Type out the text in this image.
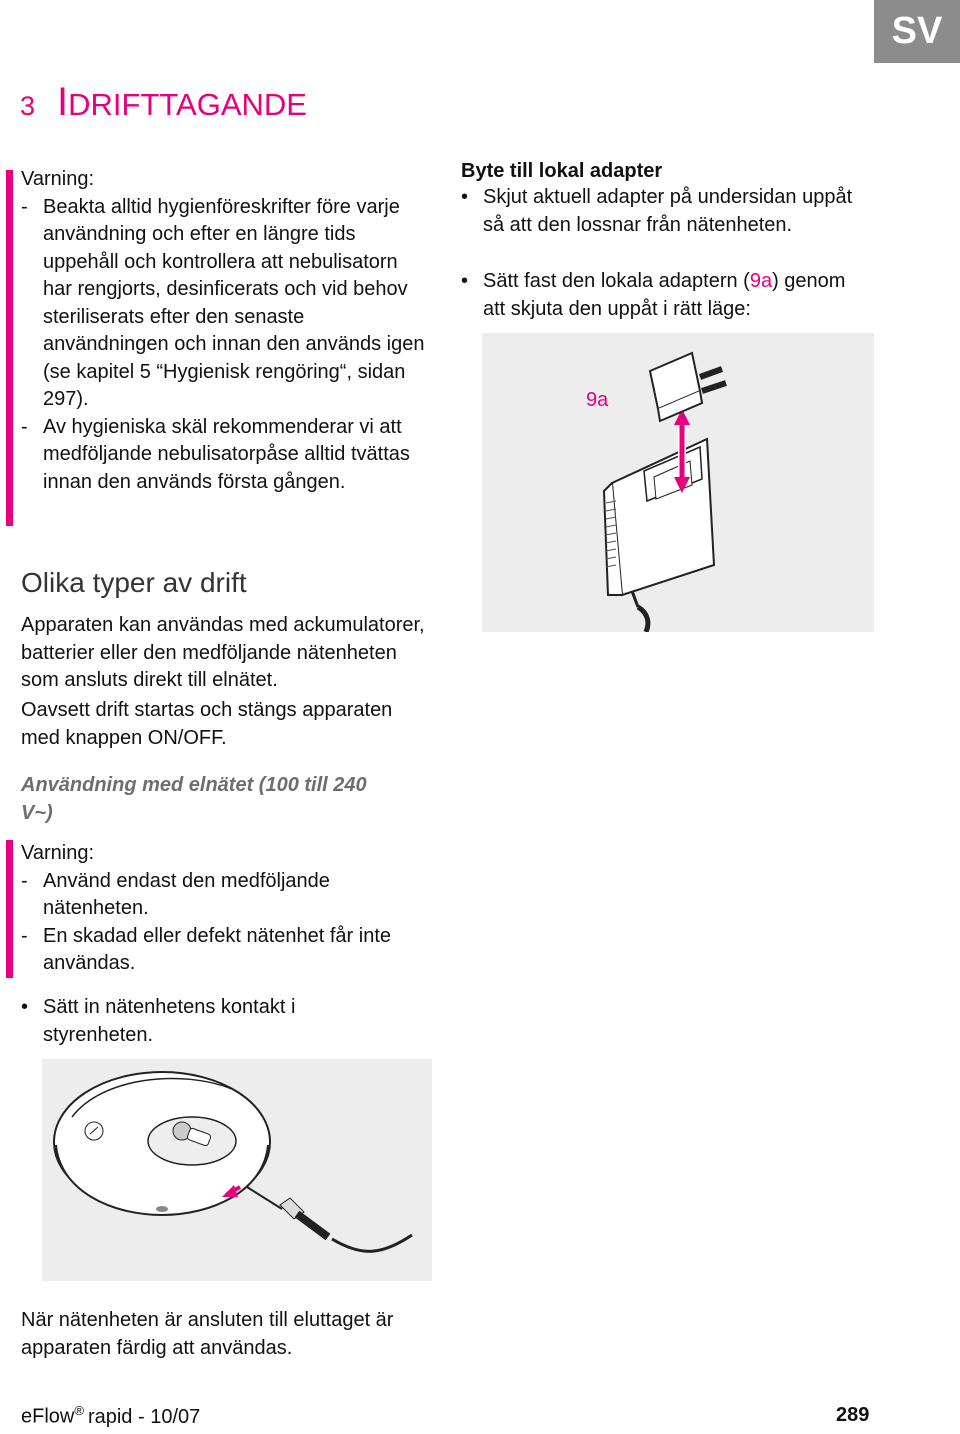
SV
3 IDRIFTTAGANDE
Varning:
- Beakta alltid hygienföreskrifter före varje användning och efter en längre tids uppehåll och kontrollera att nebulisatorn har rengjorts, desinficerats och vid behov steriliserats efter den senaste användningen och innan den används igen (se kapitel 5 “Hygienisk rengöring“, sidan 297).
- Av hygieniska skäl rekommenderar vi att medföljande nebulisatorpåse alltid tvättas innan den används första gången.
Olika typer av drift
Apparaten kan användas med ackumulatorer, batterier eller den medföljande nätenheten som ansluts direkt till elnätet.
Oavsett drift startas och stängs apparaten med knappen ON/OFF.
Användning med elnätet (100 till 240 V~)
Varning:
- Använd endast den medföljande nätenheten.
- En skadad eller defekt nätenhet får inte användas.
• Sätt in nätenhetens kontakt i styrenheten.
När nätenheten är ansluten till eluttaget är apparaten färdig att användas.
Byte till lokal adapter
• Skjut aktuell adapter på undersidan uppåt så att den lossnar från nätenheten.
• Sätt fast den lokala adaptern (9a) genom att skjuta den uppåt i rätt läge:
9a
eFlow® rapid - 10/07	289
